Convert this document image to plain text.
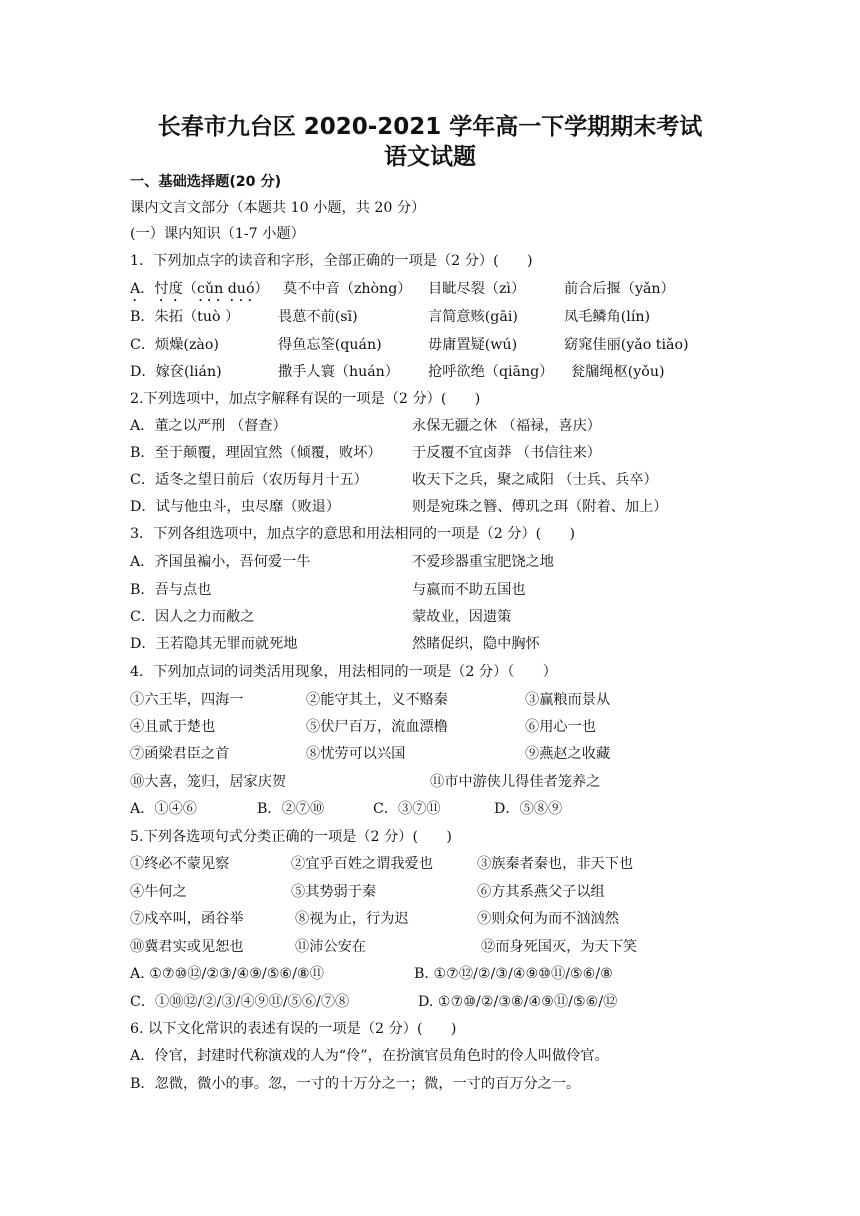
长春市九台区 2020-2021 学年高一下学期期末考试
语文试题
一、基础选择题(20 分)
课内文言文部分（本题共 10 小题，共 20 分）
(一）课内知识（1-7 小题）
1．下列加点字的读音和字形，全部正确的一项是（2 分）(　　)
A．忖度（cǔn duó） 莫不中音（zhòng） 目眦尽裂（zì）	前合后揠（yǎn）
B．朱拓（tuò ）	畏葸不前(sī)	言简意赅(gāi)	凤毛鳞角(lín)
C．烦燥(zào)	得鱼忘筌(quán)	毋庸置疑(wú)	窈窕佳丽(yǎo tiǎo)
D．嫁奁(lián)	撒手人寰（huán） 抢呼欲绝（qiāng） 瓮牖绳枢(yǒu)
2.下列选项中，加点字解释有误的一项是（2 分）(　　)
A．董之以严刑 （督查）	永保无疆之休 （福禄，喜庆）
B．至于颠覆，理固宜然（倾覆，败坏） 于反覆不宜卤莽 （书信往来）
C．适冬之望日前后（农历每月十五）	收天下之兵，聚之咸阳 （士兵、兵卒）
D．试与他虫斗，虫尽靡（败退）	则是宛珠之簪、傅玑之珥（附着、加上）
3．下列各组选项中，加点字的意思和用法相同的一项是（2 分）(　　)
A．齐国虽褊小，吾何爱一牛	不爱珍器重宝肥饶之地
B．吾与点也	与嬴而不助五国也
C．因人之力而敝之	蒙故业，因遗策
D．王若隐其无罪而就死地	然睹促织，隐中胸怀
4．下列加点词的词类活用现象，用法相同的一项是（2 分）（　　）
①六王毕，四海一	②能守其土，义不赂秦	③赢粮而景从
④且贰于楚也	⑤伏尸百万，流血漂橹	⑥用心一也
⑦函梁君臣之首	⑧忧劳可以兴国	⑨燕赵之收藏
⑩大喜，笼归，居家庆贺	⑪市中游侠儿得佳者笼养之
A．①④⑥	B．②⑦⑩	C．③⑦⑪	D．⑤⑧⑨
5.下列各选项句式分类正确的一项是（2 分）(　　)
①终必不蒙见察	②宜乎百姓之谓我爱也	③族秦者秦也，非天下也
④牛何之	⑤其势弱于秦	⑥方其系燕父子以组
⑦戍卒叫，函谷举	⑧视为止，行为迟	⑨则众何为而不汹汹然
⑩冀君实或见恕也	⑪沛公安在	⑫而身死国灭，为天下笑
A. ①⑦⑩⑫/②③/④⑨/⑤⑥/⑧⑪	B. ①⑦⑫/②/③/④⑨⑩⑪/⑤⑥/⑧
C．①⑩⑫/②/③/④⑨⑪/⑤⑥/⑦⑧	D. ①⑦⑩/②/③⑧/④⑨⑪/⑤⑥/⑫
6. 以下文化常识的表述有误的一项是（2 分）(　　)
A．伶官，封建时代称演戏的人为“伶”，在扮演官员角色时的伶人叫做伶官。
B．忽微，微小的事。忽，一寸的十万分之一；微，一寸的百万分之一。
